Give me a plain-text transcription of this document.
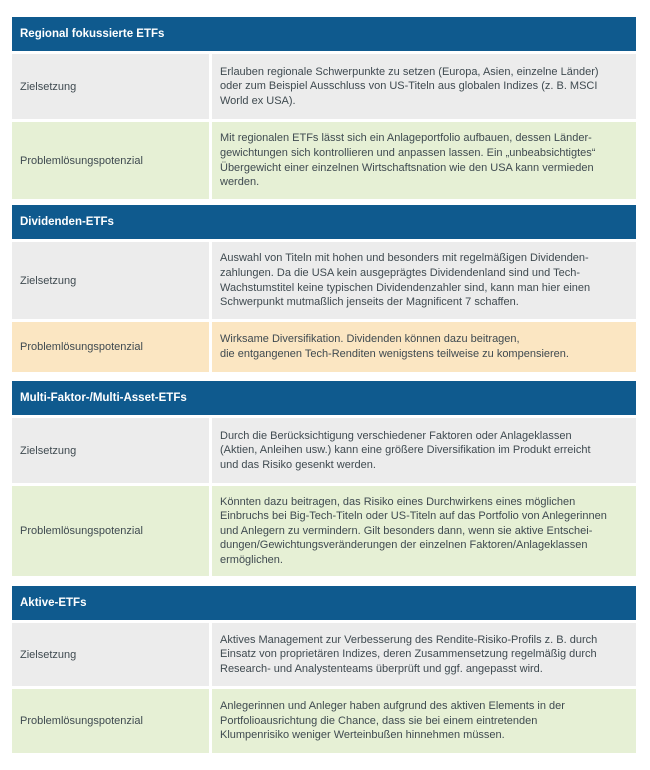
Regional fokussierte ETFs
Zielsetzung
Erlauben regionale Schwerpunkte zu setzen (Europa, Asien, einzelne Länder)
oder zum Beispiel Ausschluss von US-Titeln aus globalen Indizes (z. B. MSCI
World ex USA).
Problemlösungspotenzial
Mit regionalen ETFs lässt sich ein Anlageportfolio aufbauen, dessen Länder-
gewichtungen sich kontrollieren und anpassen lassen. Ein „unbeabsichtigtes“
Übergewicht einer einzelnen Wirtschaftsnation wie den USA kann vermieden
werden.
Dividenden-ETFs
Zielsetzung
Auswahl von Titeln mit hohen und besonders mit regelmäßigen Dividenden-
zahlungen. Da die USA kein ausgeprägtes Dividendenland sind und Tech-
Wachstumstitel keine typischen Dividendenzahler sind, kann man hier einen
Schwerpunkt mutmaßlich jenseits der Magnificent 7 schaffen.
Problemlösungspotenzial
Wirksame Diversifikation. Dividenden können dazu beitragen,
die entgangenen Tech-Renditen wenigstens teilweise zu kompensieren.
Multi-Faktor-/Multi-Asset-ETFs
Zielsetzung
Durch die Berücksichtigung verschiedener Faktoren oder Anlageklassen
(Aktien, Anleihen usw.) kann eine größere Diversifikation im Produkt erreicht
und das Risiko gesenkt werden.
Problemlösungspotenzial
Könnten dazu beitragen, das Risiko eines Durchwirkens eines möglichen
Einbruchs bei Big-Tech-Titeln oder US-Titeln auf das Portfolio von Anlegerinnen
und Anlegern zu vermindern. Gilt besonders dann, wenn sie aktive Entschei-
dungen/Gewichtungsveränderungen der einzelnen Faktoren/Anlageklassen
ermöglichen.
Aktive-ETFs
Zielsetzung
Aktives Management zur Verbesserung des Rendite-Risiko-Profils z. B. durch
Einsatz von proprietären Indizes, deren Zusammensetzung regelmäßig durch
Research- und Analystenteams überprüft und ggf. angepasst wird.
Problemlösungspotenzial
Anlegerinnen und Anleger haben aufgrund des aktiven Elements in der
Portfolioausrichtung die Chance, dass sie bei einem eintretenden
Klumpenrisiko weniger Werteinbußen hinnehmen müssen.
